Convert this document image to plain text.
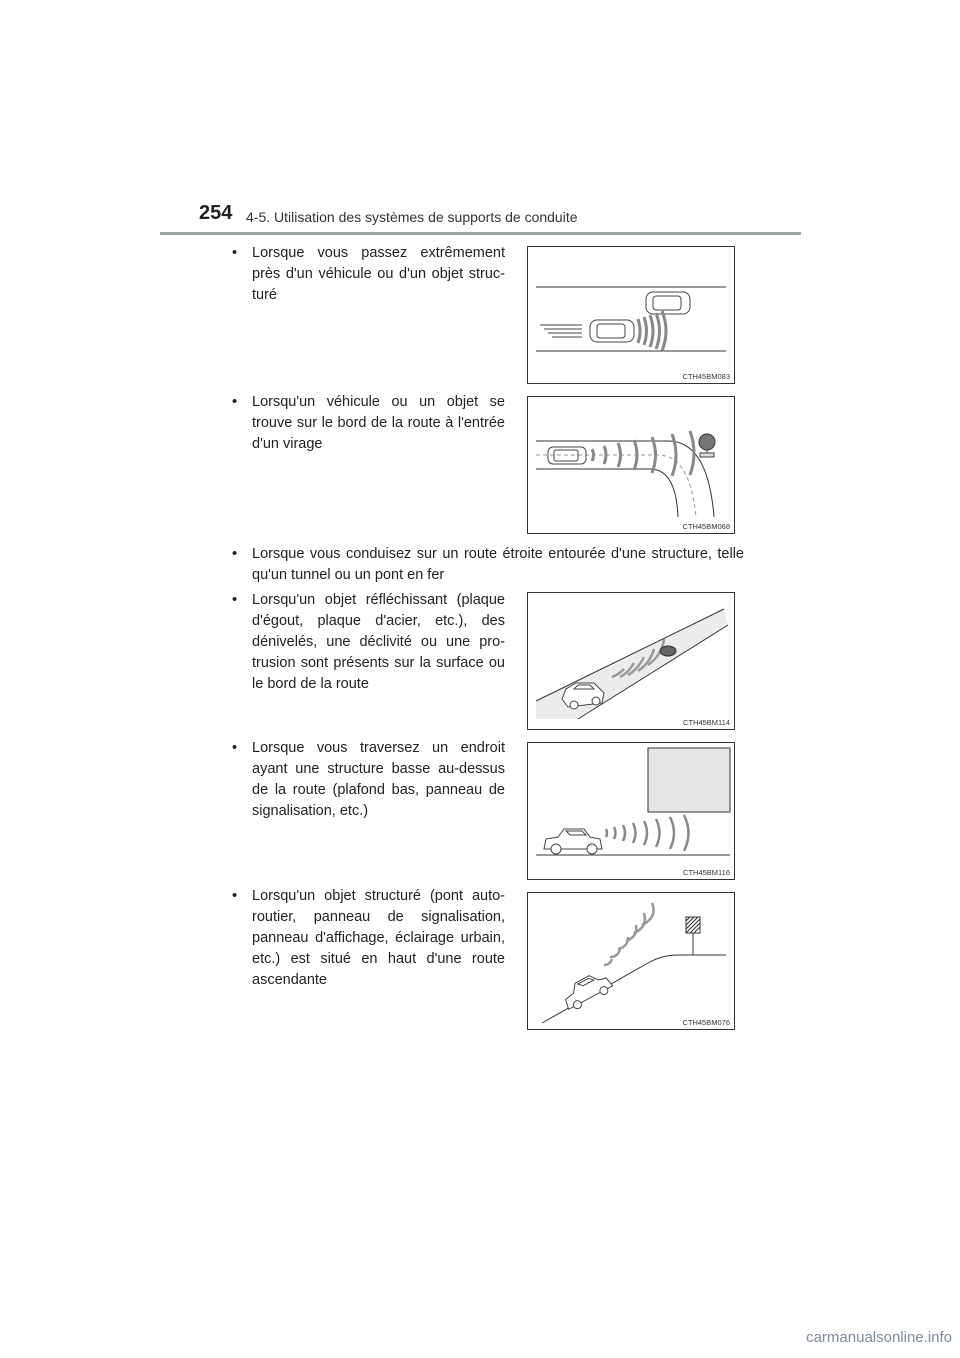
254 4-5. Utilisation des systèmes de supports de conduite
• Lorsque vous passez extrêmement près d'un véhicule ou d'un objet struc-turé
CTH45BM083
• Lorsqu'un véhicule ou un objet se trouve sur le bord de la route à l'entrée d'un virage
CTH45BM068
• Lorsque vous conduisez sur un route étroite entourée d'une structure, telle qu'un tunnel ou un pont en fer
• Lorsqu'un objet réfléchissant (plaque d'égout, plaque d'acier, etc.), des dénivelés, une déclivité ou une pro-trusion sont présents sur la surface ou le bord de la route
CTH45BM114
• Lorsque vous traversez un endroit ayant une structure basse au-dessus de la route (plafond bas, panneau de signalisation, etc.)
CTH45BM116
• Lorsqu'un objet structuré (pont auto-routier, panneau de signalisation, panneau d'affichage, éclairage urbain, etc.) est situé en haut d'une route ascendante
CTH45BM076
carmanualsonline.info
